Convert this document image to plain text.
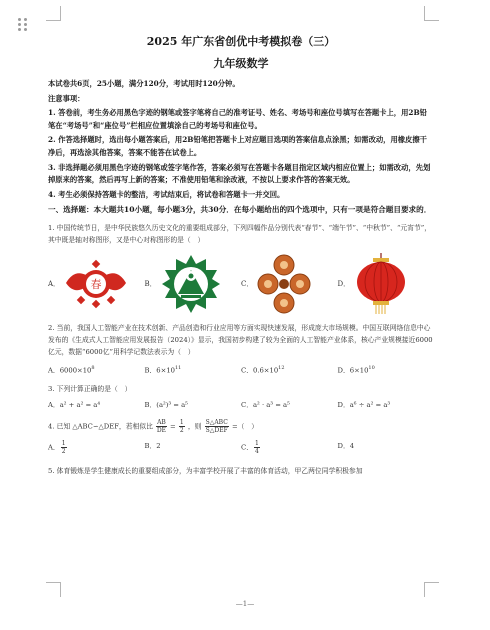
2025 年广东省创优中考模拟卷（三）
九年级数学
本试卷共6页，25小题，满分120分，考试用时120分钟。
注意事项：
1. 答卷前，考生务必用黑色字迹的钢笔或签字笔将自己的准考证号、姓名、考场号和座位号填写在答题卡上，用2B铅笔在“考场号”和“座位号”栏相应位置填涂自己的考场号和座位号。
2. 作答选择题时，选出每小题答案后，用2B铅笔把答题卡上对应题目选项的答案信息点涂黑；如需改动，用橡皮擦干净后，再选涂其他答案，答案不能答在试卷上。
3. 非选择题必须用黑色字迹的钢笔或签字笔作答，答案必须写在答题卡各题目指定区域内相应位置上；如需改动，先划掉原来的答案，然后再写上新的答案；不准使用铅笔和涂改液，不按以上要求作答的答案无效。
4. 考生必须保持答题卡的整洁，考试结束后，将试卷和答题卡一并交回。
一、选择题：本大题共10小题，每小题3分，共30分．在每小题给出的四个选项中，只有一项是符合题目要求的．
1. 中国传统节日，是中华民族悠久历史文化的重要组成部分，下列四幅作品分别代表“春节”、“端午节”、“中秋节”、“元宵节”，其中既是轴对称图形，又是中心对称图形的是（　）
A．	春	B．	C．	D．
2. 当前，我国人工智能产业在技术创新、产品创造和行业应用等方面实现快速发展，形成庞大市场规模。中国互联网络信息中心发布的《生成式人工智能应用发展报告（2024）》显示，我国初步构建了较为全面的人工智能产业体系，核心产业规模接近6000亿元，数据“6000亿”用科学记数法表示为（　）
A．$6000\times 10^8$	B．$6\times 10^{11}$	C．$0.6\times 10^{12}$	D．$6\times 10^{10}$
3. 下列计算正确的是（　）
A．a² + a² = a⁴	B．(a²)³ = a⁵	C．a² · a³ = a⁵	D．a⁶ ÷ a² = a³
4. 已知 △ABC∽△DEF，若相似比 $\frac{AB}{DE} = \frac{1}{2}$ ，则 $\frac{\text{S△ABC}}{\text{S△DEF}}$ =（　）
A． $\frac{1}{2}$	B．2	C． $\frac{1}{4}$	D．4
5. 体育锻炼是学生健康成长的重要组成部分，为丰富学校开展了丰富的体育活动，甲乙两位同学积极参加
—1—
